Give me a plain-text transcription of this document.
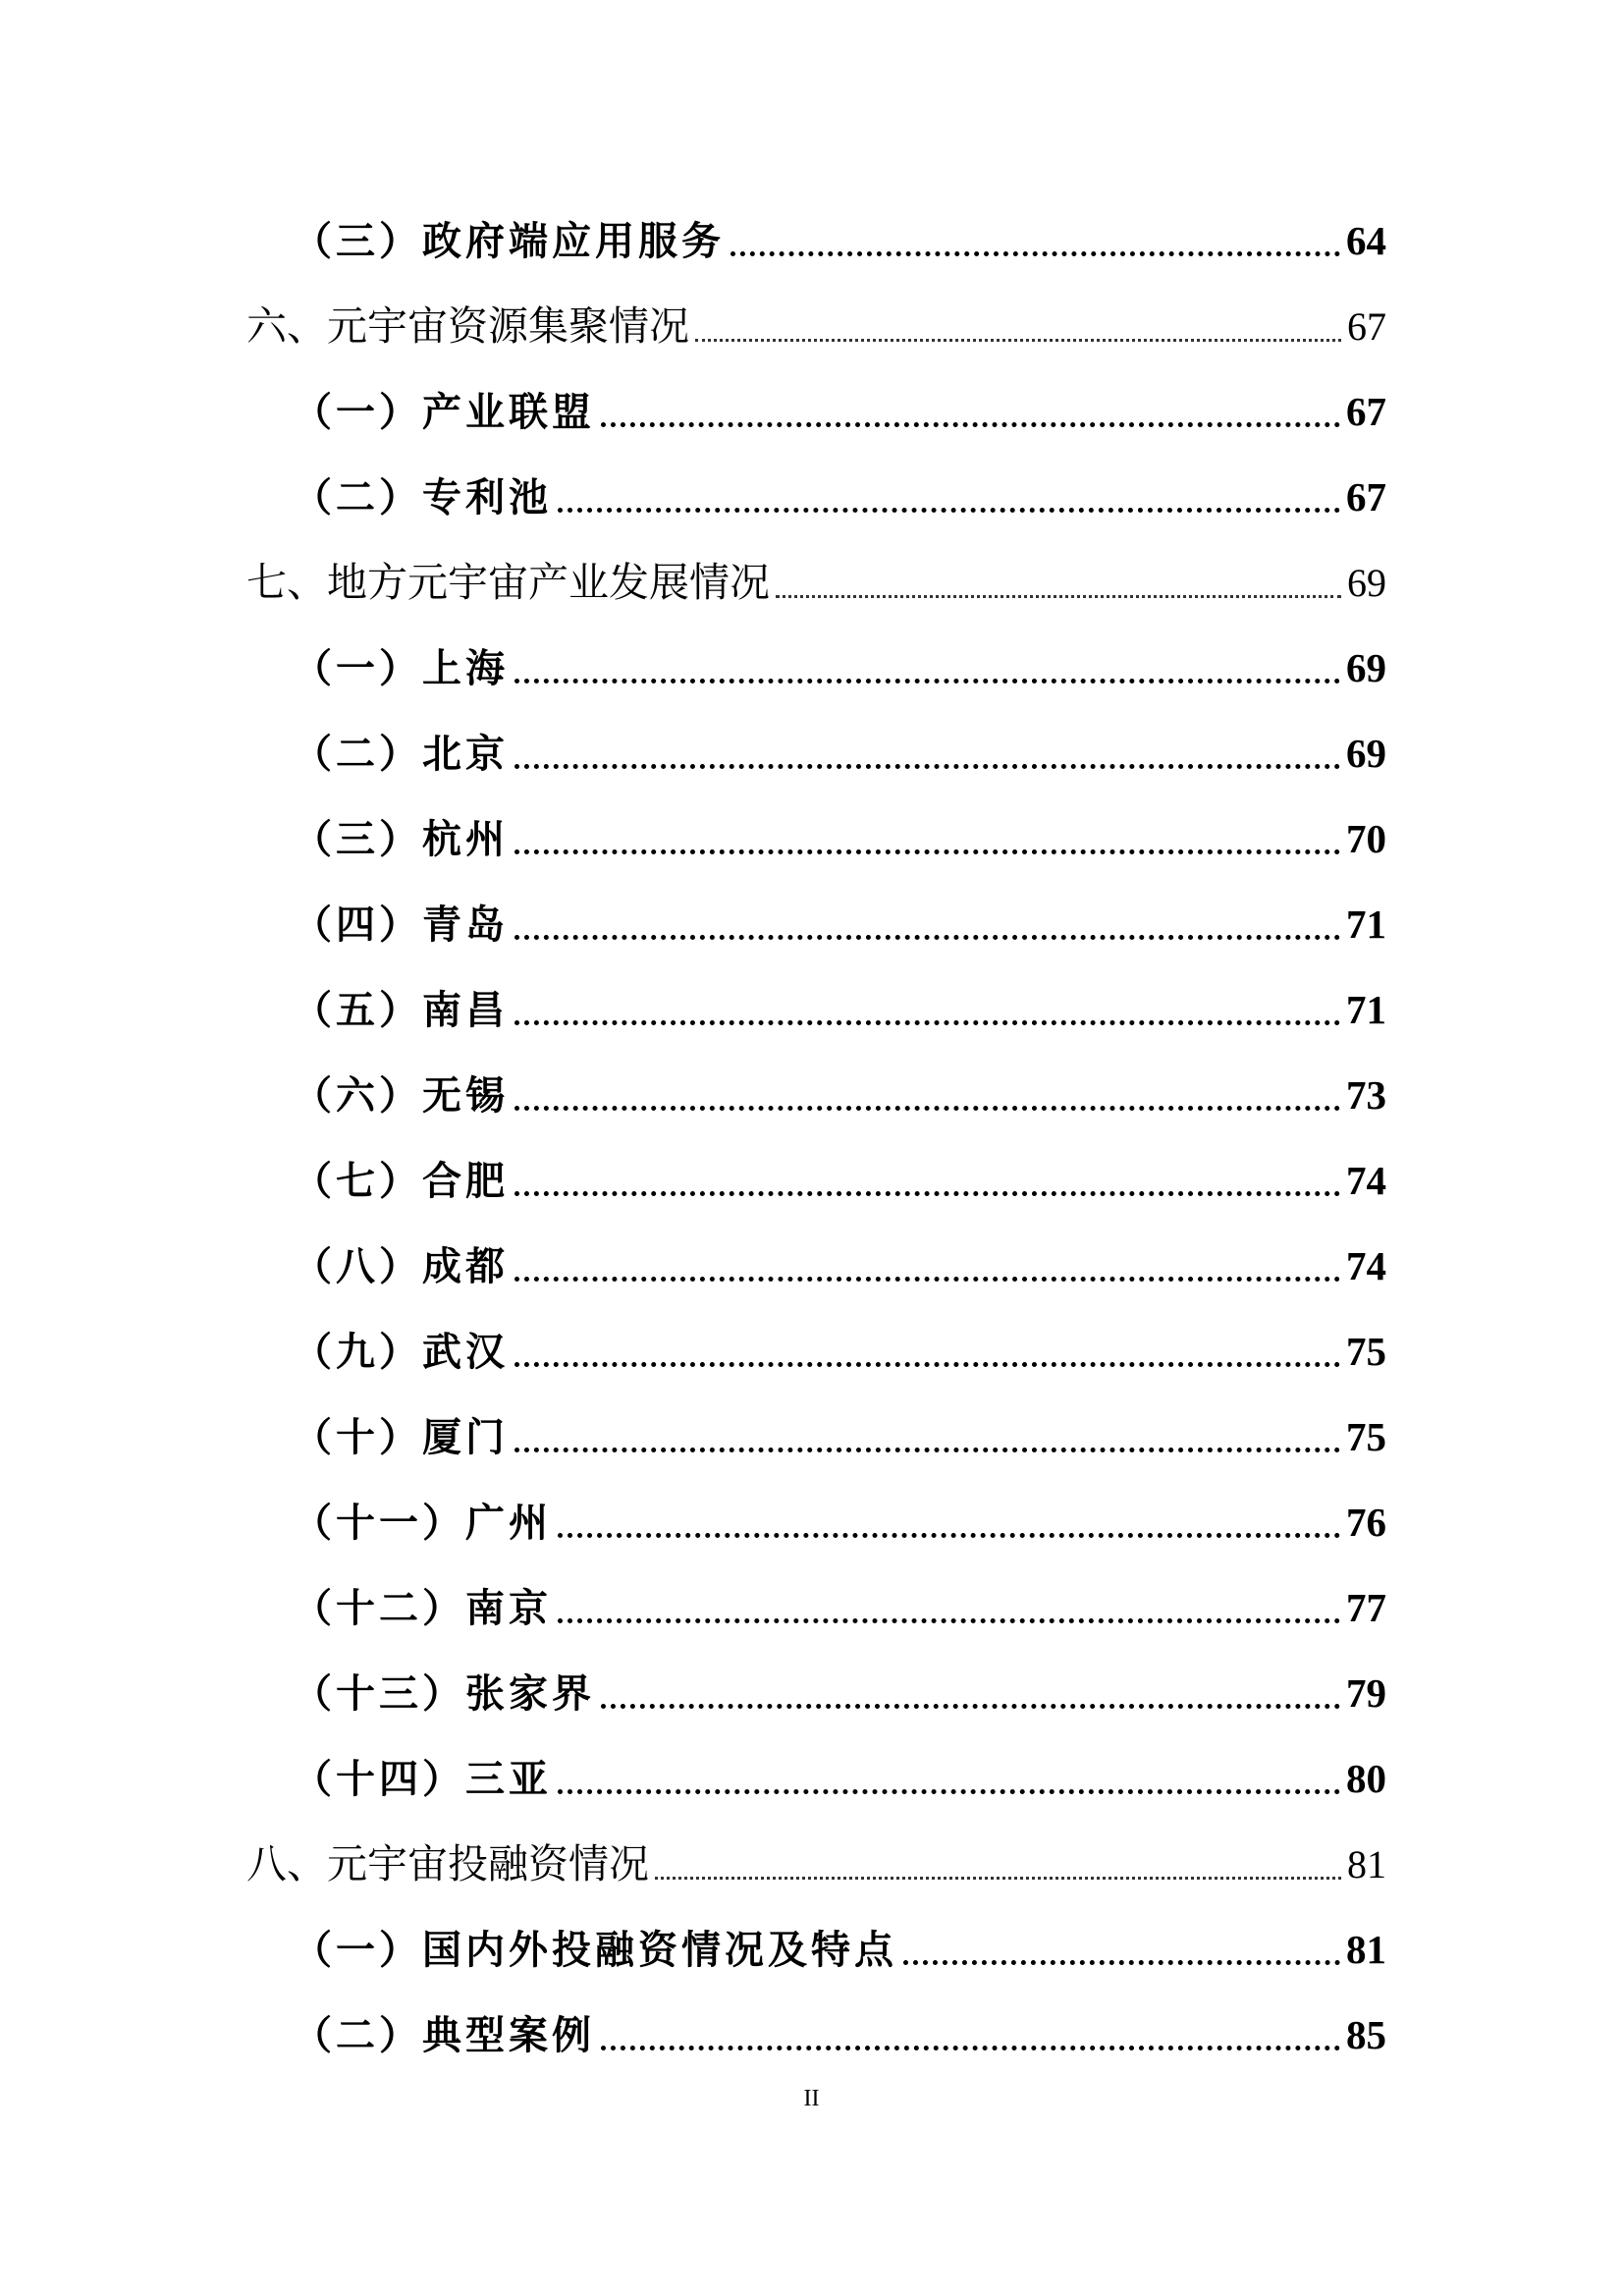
（三）政府端应用服务	64
六、元宇宙资源集聚情况	67
（一）产业联盟	67
（二）专利池	67
七、地方元宇宙产业发展情况	69
（一）上海	69
（二）北京	69
（三）杭州	70
（四）青岛	71
（五）南昌	71
（六）无锡	73
（七）合肥	74
（八）成都	74
（九）武汉	75
（十）厦门	75
（十一）广州	76
（十二）南京	77
（十三）张家界	79
（十四）三亚	80
八、元宇宙投融资情况	81
（一）国内外投融资情况及特点	81
（二）典型案例	85
II
